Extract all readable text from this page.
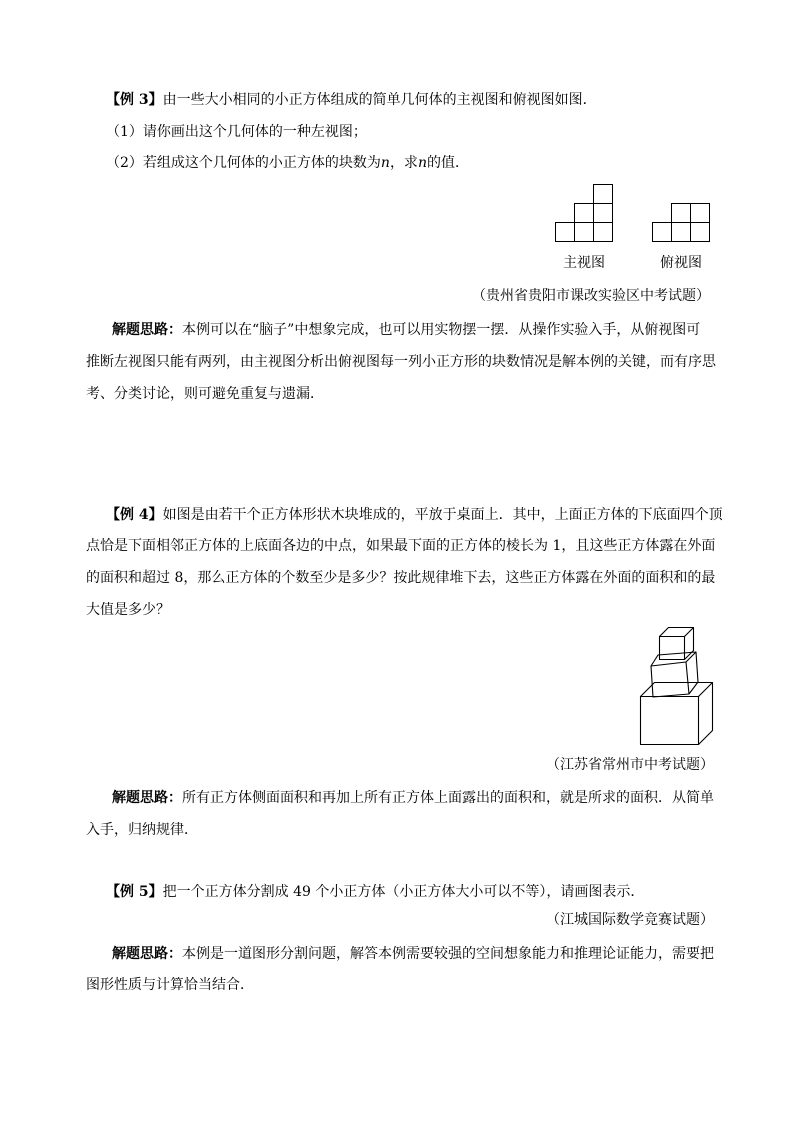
【例 3】由一些大小相同的小正方体组成的简单几何体的主视图和俯视图如图．
（1）请你画出这个几何体的一种左视图；
（2）若组成这个几何体的小正方体的块数为n，求n的值．
主视图	俯视图
（贵州省贵阳市课改实验区中考试题）
解题思路：本例可以在“脑子”中想象完成，也可以用实物摆一摆．从操作实验入手，从俯视图可
推断左视图只能有两列，由主视图分析出俯视图每一列小正方形的块数情况是解本例的关键，而有序思
考、分类讨论，则可避免重复与遗漏．
【例 4】如图是由若干个正方体形状木块堆成的，平放于桌面上．其中，上面正方体的下底面四个顶
点恰是下面相邻正方体的上底面各边的中点，如果最下面的正方体的棱长为 1，且这些正方体露在外面
的面积和超过 8，那么正方体的个数至少是多少？按此规律堆下去，这些正方体露在外面的面积和的最
大值是多少？
（江苏省常州市中考试题）
解题思路：所有正方体侧面面积和再加上所有正方体上面露出的面积和，就是所求的面积．从简单
入手，归纳规律．
【例 5】把一个正方体分割成 49 个小正方体（小正方体大小可以不等），请画图表示．
（江城国际数学竞赛试题）
解题思路：本例是一道图形分割问题，解答本例需要较强的空间想象能力和推理论证能力，需要把
图形性质与计算恰当结合．
